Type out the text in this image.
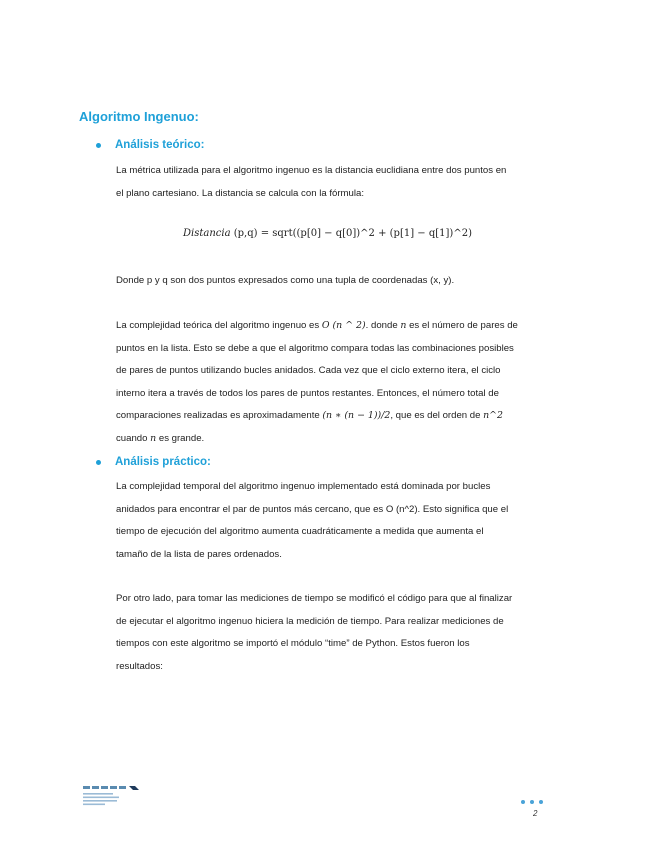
Algoritmo Ingenuo:
Análisis teórico:
La métrica utilizada para el algoritmo ingenuo es la distancia euclidiana entre dos puntos en
el plano cartesiano. La distancia se calcula con la fórmula:
Distancia (p,q) = sqrt((p[0] − q[0])^2 + (p[1] − q[1])^2)
Donde p y q son dos puntos expresados como una tupla de coordenadas (x, y).
La complejidad teórica del algoritmo ingenuo es O (n ^ 2). donde n es el número de pares de
puntos en la lista. Esto se debe a que el algoritmo compara todas las combinaciones posibles
de pares de puntos utilizando bucles anidados. Cada vez que el ciclo externo itera, el ciclo
interno itera a través de todos los pares de puntos restantes. Entonces, el número total de
comparaciones realizadas es aproximadamente (n ∗ (n − 1))/2, que es del orden de n^2
cuando n es grande.
Análisis práctico:
La complejidad temporal del algoritmo ingenuo implementado está dominada por bucles
anidados para encontrar el par de puntos más cercano, que es O (n^2). Esto significa que el
tiempo de ejecución del algoritmo aumenta cuadráticamente a medida que aumenta el
tamaño de la lista de pares ordenados.
Por otro lado, para tomar las mediciones de tiempo se modificó el código para que al finalizar
de ejecutar el algoritmo ingenuo hiciera la medición de tiempo. Para realizar mediciones de
tiempos con este algoritmo se importó el módulo “time” de Python. Estos fueron los
resultados:
2
